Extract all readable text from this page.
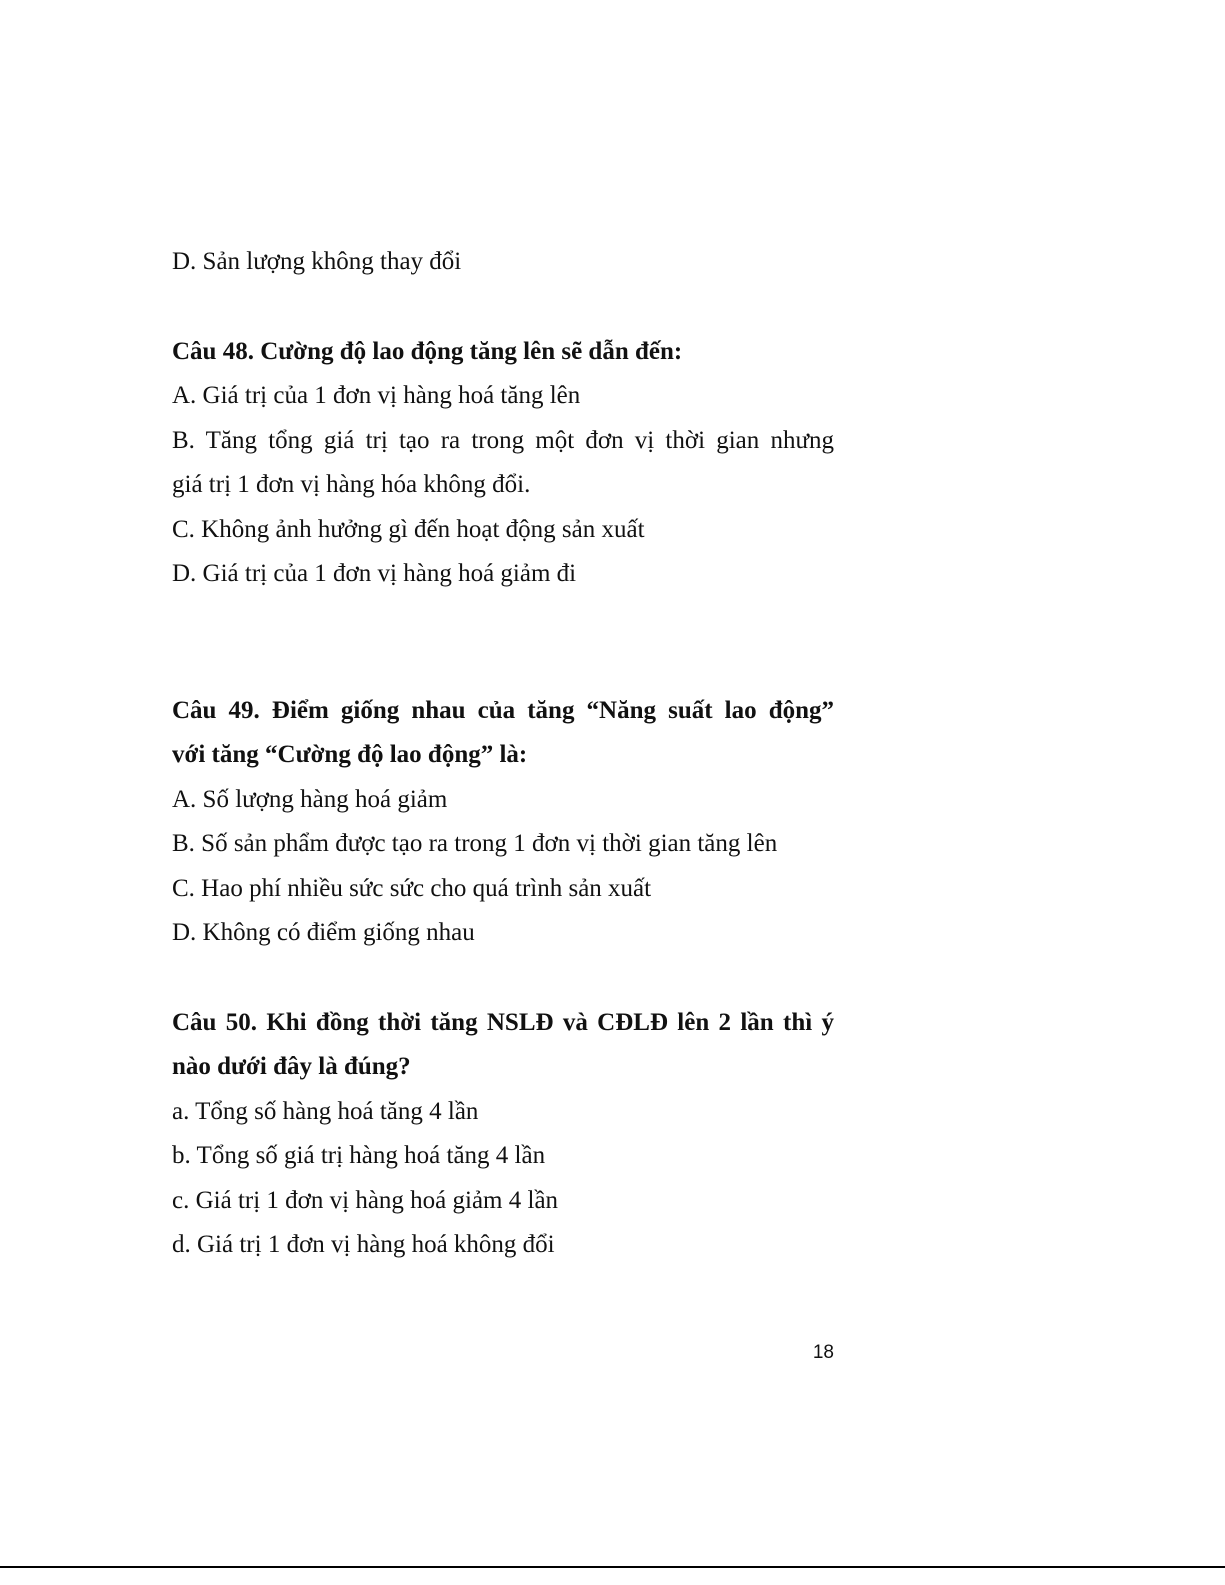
D. Sản lượng không thay đổi

Câu 48. Cường độ lao động tăng lên sẽ dẫn đến:

A. Giá trị của 1 đơn vị hàng hoá tăng lên

B. Tăng tổng giá trị tạo ra trong một đơn vị thời gian nhưng

giá trị 1 đơn vị hàng hóa không đổi.

C. Không ảnh hưởng gì đến hoạt động sản xuất

D. Giá trị của 1 đơn vị hàng hoá giảm đi

Câu 49. Điểm giống nhau của tăng “Năng suất lao động”

với tăng “Cường độ lao động” là:

A. Số lượng hàng hoá giảm

B. Số sản phẩm được tạo ra trong 1 đơn vị thời gian tăng lên

C. Hao phí nhiều sức sức cho quá trình sản xuất

D. Không có điểm giống nhau

Câu 50. Khi đồng thời tăng NSLĐ và CĐLĐ lên 2 lần thì ý

nào dưới đây là đúng?

a. Tổng số hàng hoá tăng 4 lần

b. Tổng số giá trị hàng hoá tăng 4 lần

c. Giá trị 1 đơn vị hàng hoá giảm 4 lần

d. Giá trị 1 đơn vị hàng hoá không đổi

18
